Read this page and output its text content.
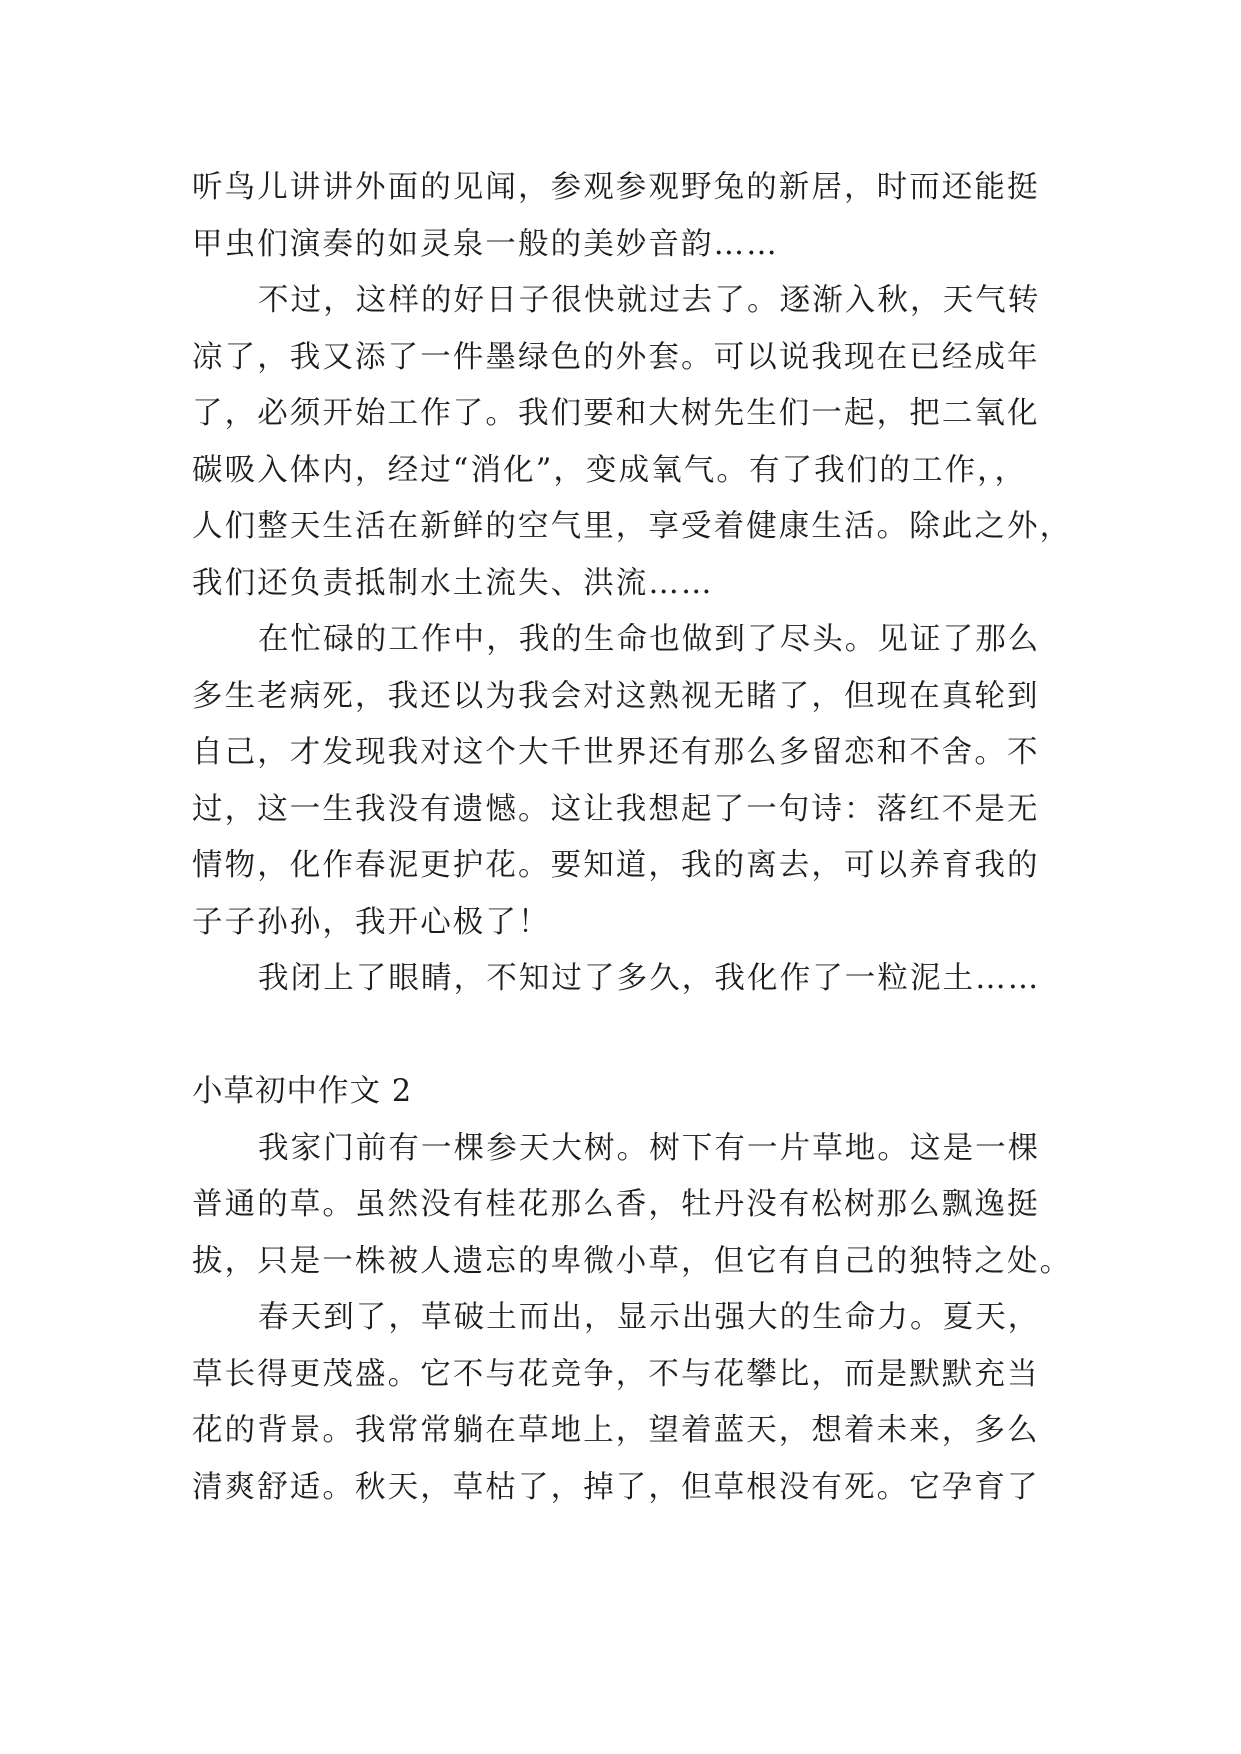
听鸟儿讲讲外面的见闻，参观参观野兔的新居，时而还能挺
甲虫们演奏的如灵泉一般的美妙音韵……
不过，这样的好日子很快就过去了。逐渐入秋，天气转
凉了，我又添了一件墨绿色的外套。可以说我现在已经成年
了，必须开始工作了。我们要和大树先生们一起，把二氧化
碳吸入体内，经过“消化”，变成氧气。有了我们的工作，，
人们整天生活在新鲜的空气里，享受着健康生活。除此之外，
我们还负责抵制水土流失、洪流……
在忙碌的工作中，我的生命也做到了尽头。见证了那么
多生老病死，我还以为我会对这熟视无睹了，但现在真轮到
自己，才发现我对这个大千世界还有那么多留恋和不舍。不
过，这一生我没有遗憾。这让我想起了一句诗：落红不是无
情物，化作春泥更护花。要知道，我的离去，可以养育我的
子子孙孙，我开心极了！
我闭上了眼睛，不知过了多久，我化作了一粒泥土……
小草初中作文 2
我家门前有一棵参天大树。树下有一片草地。这是一棵
普通的草。虽然没有桂花那么香，牡丹没有松树那么飘逸挺
拔，只是一株被人遗忘的卑微小草，但它有自己的独特之处。
春天到了，草破土而出，显示出强大的生命力。夏天，
草长得更茂盛。它不与花竞争，不与花攀比，而是默默充当
花的背景。我常常躺在草地上，望着蓝天，想着未来，多么
清爽舒适。秋天，草枯了，掉了，但草根没有死。它孕育了
